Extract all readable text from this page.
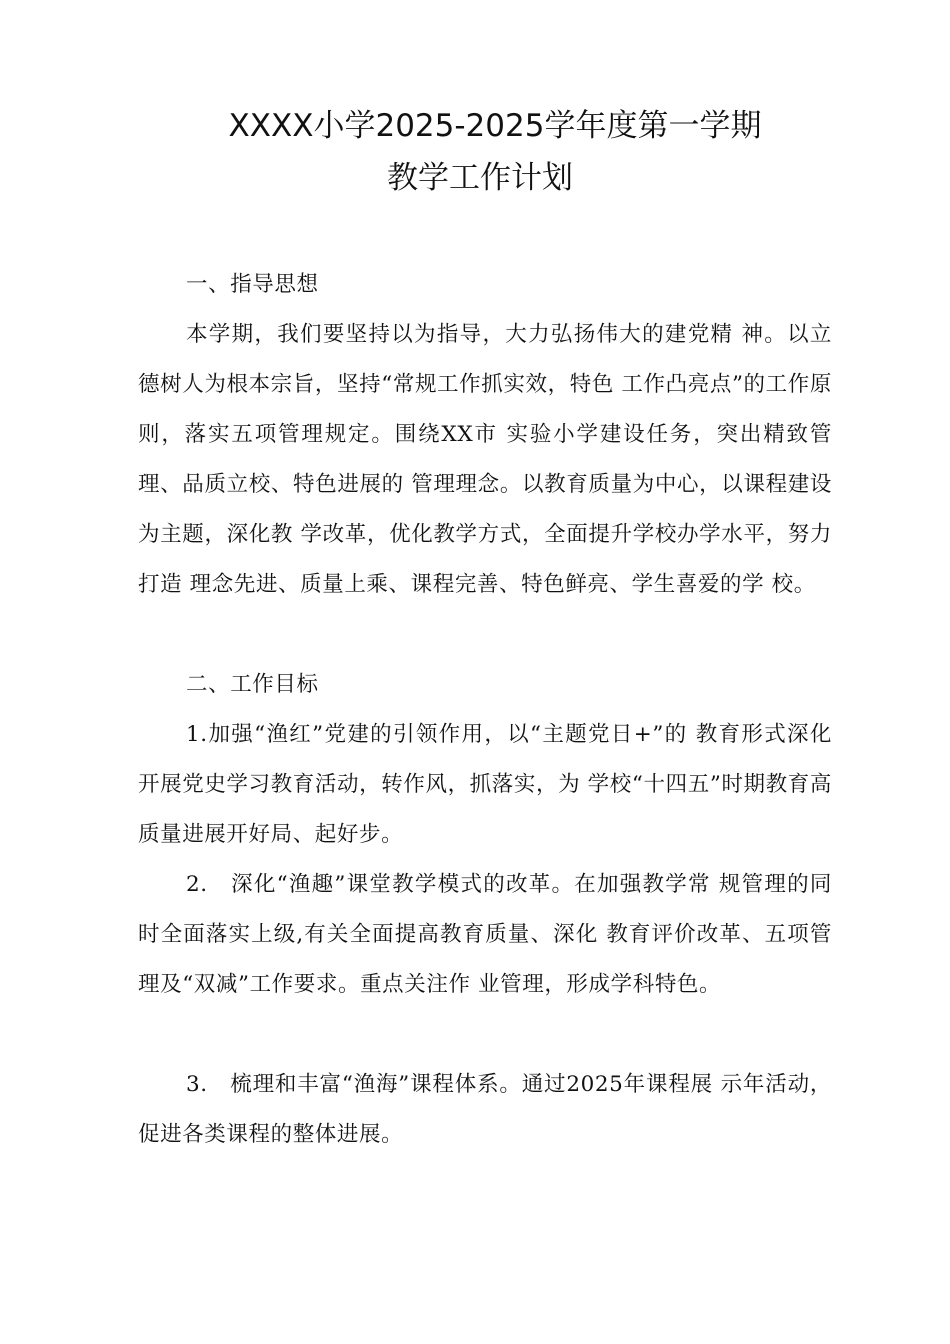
XXXX小学2025-2025学年度第一学期
教学工作计划

一、指导思想

本学期，我们要坚持以为指导，大力弘扬伟大的建党精 神。以立德树人为根本宗旨，坚持“常规工作抓实效，特色 工作凸亮点”的工作原则，落实五项管理规定。围绕XX市 实验小学建设任务，突出精致管理、品质立校、特色进展的 管理理念。以教育质量为中心，以课程建设为主题，深化教 学改革，优化教学方式，全面提升学校办学水平，努力打造 理念先进、质量上乘、课程完善、特色鲜亮、学生喜爱的学 校。

二、工作目标

1.加强“渔红”党建的引领作用，以“主题党日+”的 教育形式深化开展党史学习教育活动，转作风，抓落实，为 学校“十四五”时期教育高质量进展开好局、起好步。

2.　深化“渔趣”课堂教学模式的改革。在加强教学常 规管理的同时全面落实上级,有关全面提高教育质量、深化 教育评价改革、五项管理及“双减”工作要求。重点关注作 业管理，形成学科特色。

3.　梳理和丰富“渔海”课程体系。通过2025年课程展 示年活动，促进各类课程的整体进展。
